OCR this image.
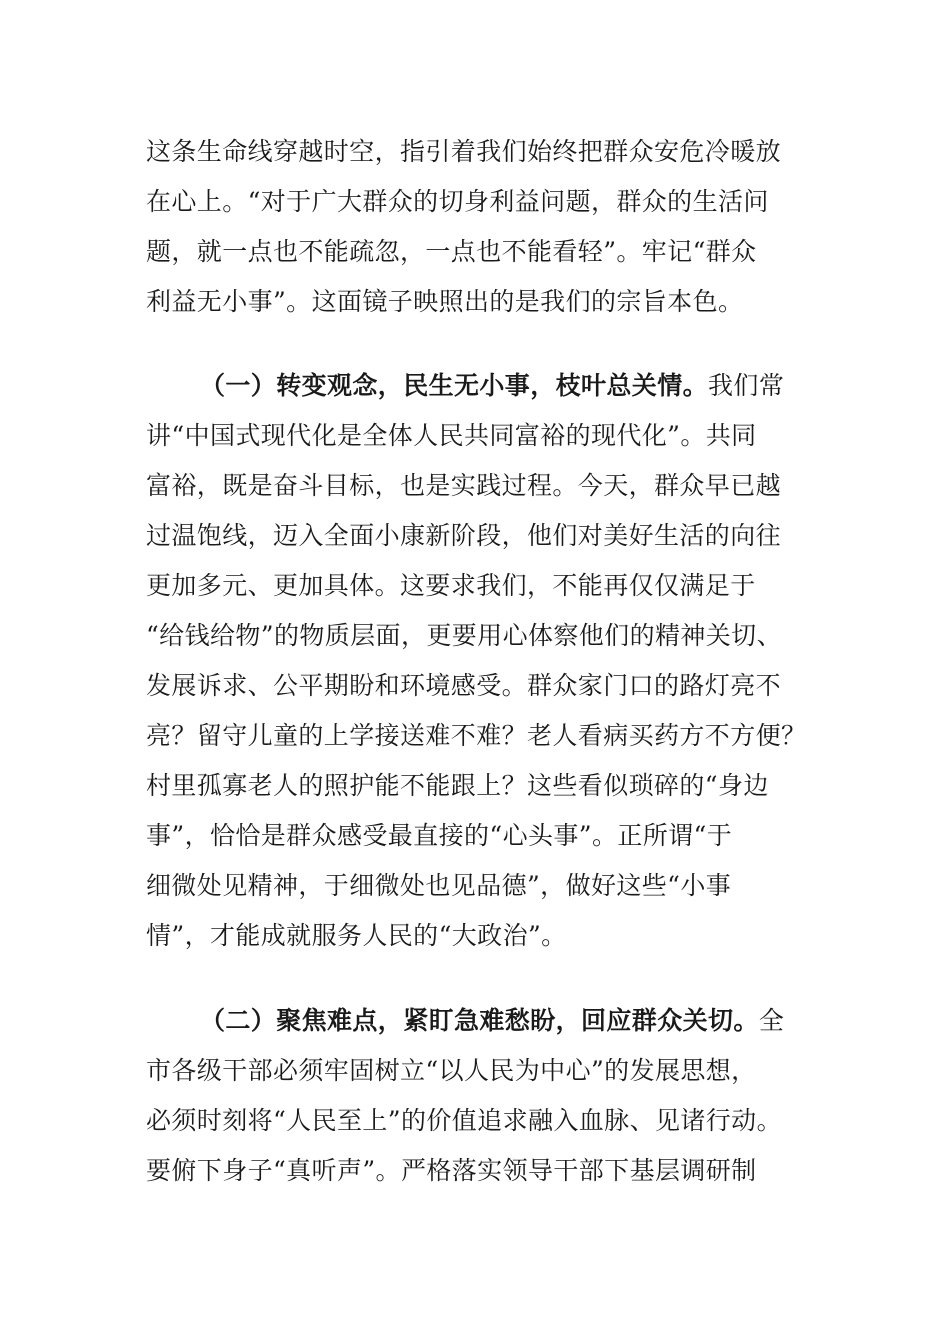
这条生命线穿越时空，指引着我们始终把群众安危冷暖放
在心上。“对于广大群众的切身利益问题，群众的生活问
题，就一点也不能疏忽，一点也不能看轻”。牢记“群众
利益无小事”。这面镜子映照出的是我们的宗旨本色。
（一）转变观念，民生无小事，枝叶总关情。我们常
讲“中国式现代化是全体人民共同富裕的现代化”。共同
富裕，既是奋斗目标，也是实践过程。今天，群众早已越
过温饱线，迈入全面小康新阶段，他们对美好生活的向往
更加多元、更加具体。这要求我们，不能再仅仅满足于
“给钱给物”的物质层面，更要用心体察他们的精神关切、
发展诉求、公平期盼和环境感受。群众家门口的路灯亮不
亮？留守儿童的上学接送难不难？老人看病买药方不方便？
村里孤寡老人的照护能不能跟上？这些看似琐碎的“身边
事”，恰恰是群众感受最直接的“心头事”。正所谓“于
细微处见精神，于细微处也见品德”，做好这些“小事
情”，才能成就服务人民的“大政治”。
（二）聚焦难点，紧盯急难愁盼，回应群众关切。全
市各级干部必须牢固树立“以人民为中心”的发展思想，
必须时刻将“人民至上”的价值追求融入血脉、见诸行动。
要俯下身子“真听声”。严格落实领导干部下基层调研制
